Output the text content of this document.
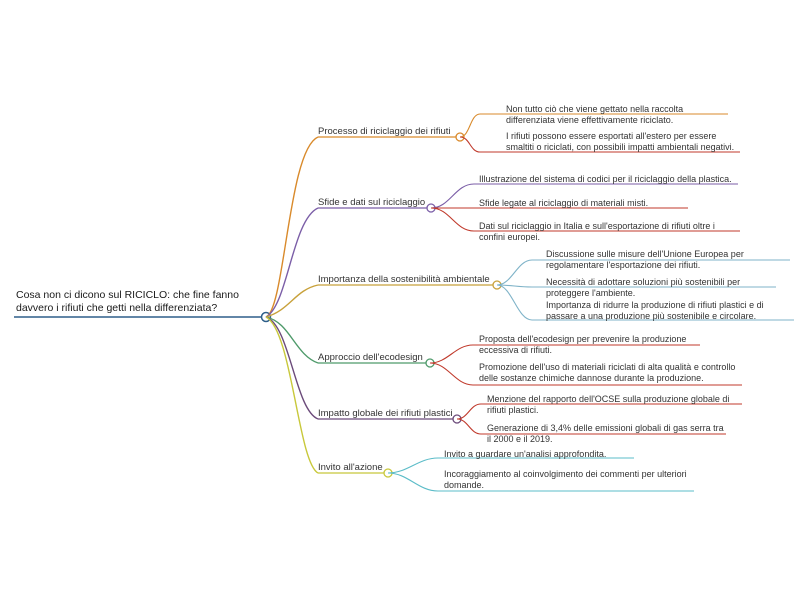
Cosa non ci dicono sul RICICLO: che fine fanno davvero i rifiuti che getti nella differenziata?
Processo di riciclaggio dei rifiuti
Sfide e dati sul riciclaggio
Importanza della sostenibilità ambientale
Approccio dell'ecodesign
Impatto globale dei rifiuti plastici
Invito all'azione
Non tutto ciò che viene gettato nella raccolta differenziata viene effettivamente riciclato.
I rifiuti possono essere esportati all'estero per essere smaltiti o riciclati, con possibili impatti ambientali negativi.
Illustrazione del sistema di codici per il riciclaggio della plastica.
Sfide legate al riciclaggio di materiali misti.
Dati sul riciclaggio in Italia e sull'esportazione di rifiuti oltre i confini europei.
Discussione sulle misure dell'Unione Europea per regolamentare l'esportazione dei rifiuti.
Necessità di adottare soluzioni più sostenibili per proteggere l'ambiente.
Importanza di ridurre la produzione di rifiuti plastici e di passare a una produzione più sostenibile e circolare.
Proposta dell'ecodesign per prevenire la produzione eccessiva di rifiuti.
Promozione dell'uso di materiali riciclati di alta qualità e controllo delle sostanze chimiche dannose durante la produzione.
Menzione del rapporto dell'OCSE sulla produzione globale di rifiuti plastici.
Generazione di 3,4% delle emissioni globali di gas serra tra il 2000 e il 2019.
Invito a guardare un'analisi approfondita.
Incoraggiamento al coinvolgimento dei commenti per ulteriori domande.
